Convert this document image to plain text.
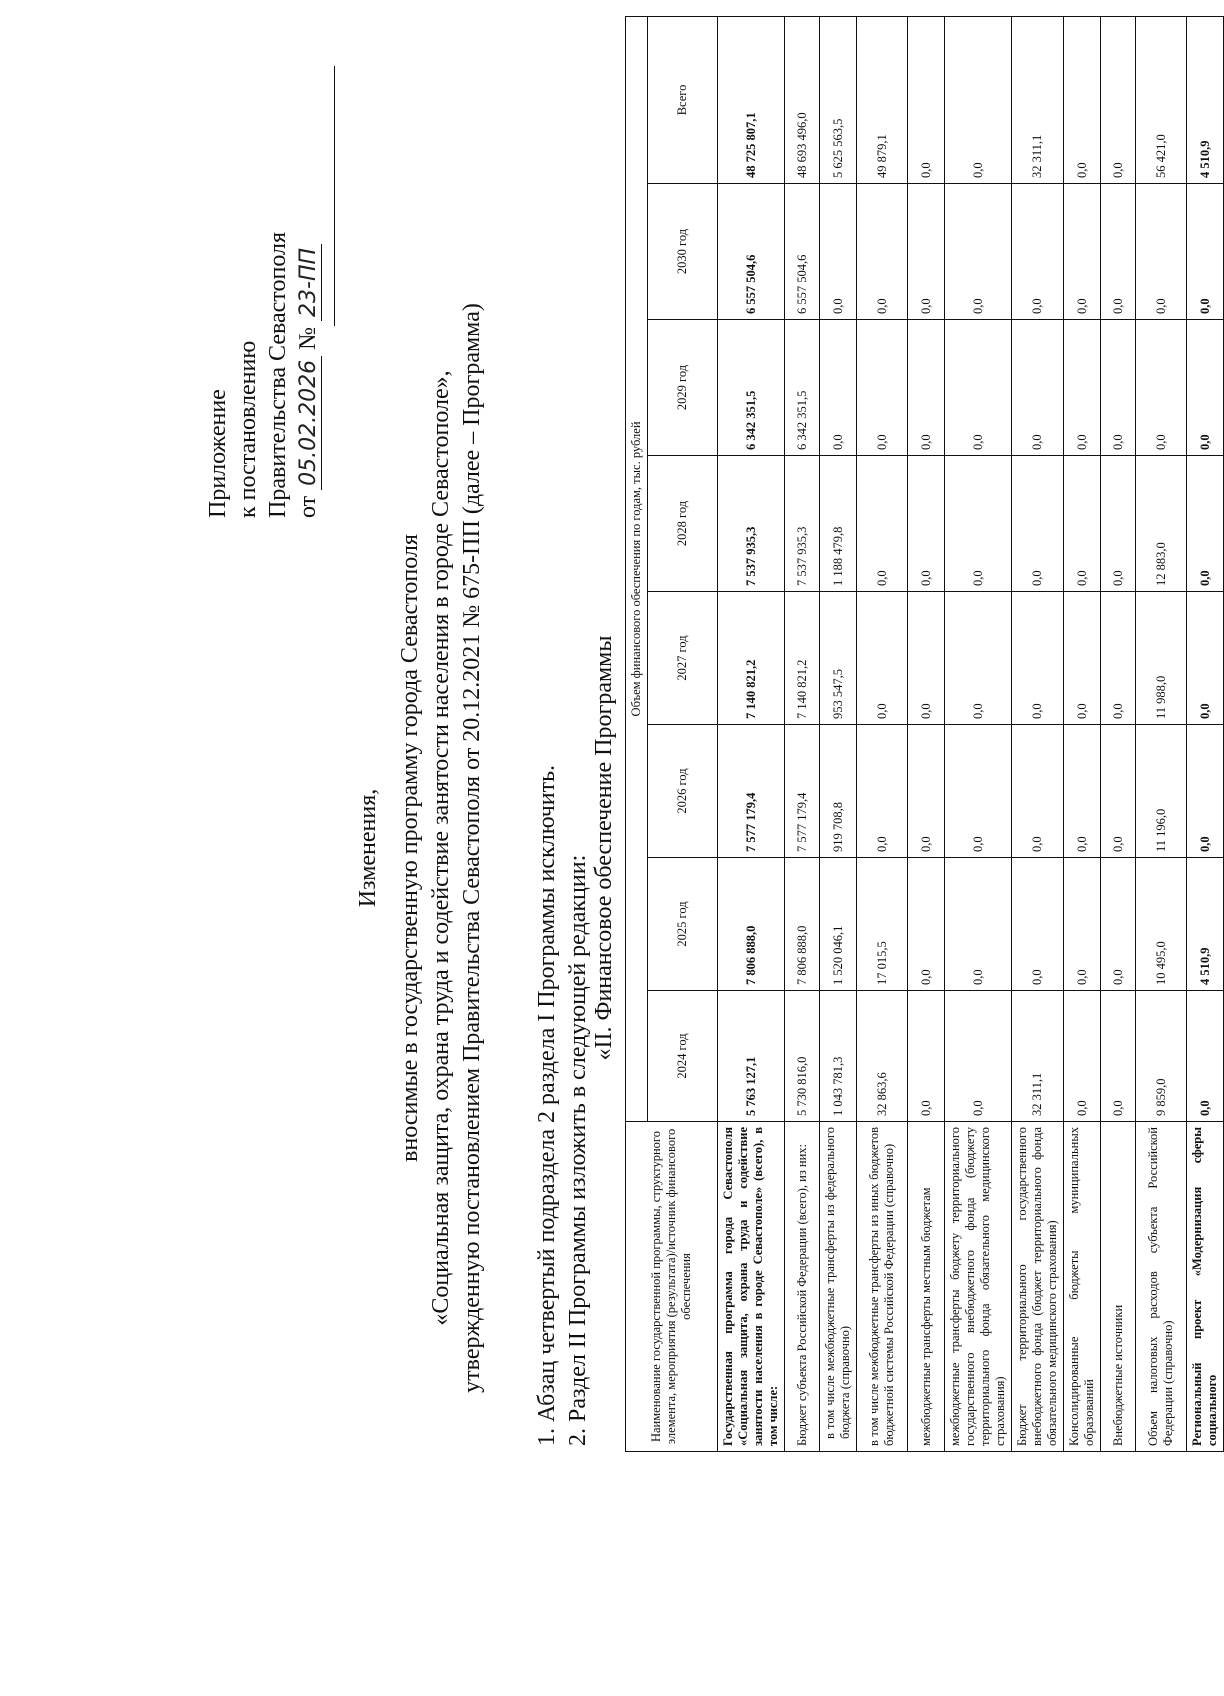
Приложение к постановлению Правительства Севастополя от 05.02.2026 № 23-ПП
Изменения, вносимые в государственную программу города Севастополя «Социальная защита, охрана труда и содействие занятости населения в городе Севастополе», утвержденную постановлением Правительства Севастополя от 20.12.2021 № 675-ПП (далее – Программа) 1. Абзац четвертый подраздела 2 раздела I Программы исключить. 2. Раздел II Программы изложить в следующей редакции:
«II. Финансовое обеспечение Программы
Наименование государственной программы, структурного элемента, мероприятия (результата)/источник финансового обеспечения	Объем финансового обеспечения по годам, тыс. рублей							
	2024 год	2025 год	2026 год	2027 год	2028 год	2029 год	2030 год	Всего
Государственная программа города Севастополя «Социальная защита, охрана труда и содействие занятости населения в городе Севастополе» (всего), в том числе:	5 763 127,1	7 806 888,0	7 577 179,4	7 140 821,2	7 537 935,3	6 342 351,5	6 557 504,6	48 725 807,1
Бюджет субъекта Российской Федерации (всего), из них:	5 730 816,0	7 806 888,0	7 577 179,4	7 140 821,2	7 537 935,3	6 342 351,5	6 557 504,6	48 693 496,0
в том числе межбюджетные трансферты из федерального бюджета (справочно)	1 043 781,3	1 520 046,1	919 708,8	953 547,5	1 188 479,8	0,0	0,0	5 625 563,5
в том числе межбюджетные трансферты из иных бюджетов бюджетной системы Российской Федерации (справочно)	32 863,6	17 015,5	0,0	0,0	0,0	0,0	0,0	49 879,1
межбюджетные трансферты местным бюджетам	0,0	0,0	0,0	0,0	0,0	0,0	0,0	0,0
межбюджетные трансферты бюджету территориального государственного внебюджетного фонда (бюджету территориального фонда обязательного медицинского страхования)	0,0	0,0	0,0	0,0	0,0	0,0	0,0	0,0
Бюджет территориального государственного внебюджетного фонда (бюджет территориального фонда обязательного медицинского страхования)	32 311,1	0,0	0,0	0,0	0,0	0,0	0,0	32 311,1
Консолидированные бюджеты муниципальных образований	0,0	0,0	0,0	0,0	0,0	0,0	0,0	0,0
Внебюджетные источники	0,0	0,0	0,0	0,0	0,0	0,0	0,0	0,0
Объем налоговых расходов субъекта Российской Федерации (справочно)	9 859,0	10 495,0	11 196,0	11 988,0	12 883,0	0,0	0,0	56 421,0
Региональный проект «Модернизация сферы социального	0,0	4 510,9	0,0	0,0	0,0	0,0	0,0	4 510,9
